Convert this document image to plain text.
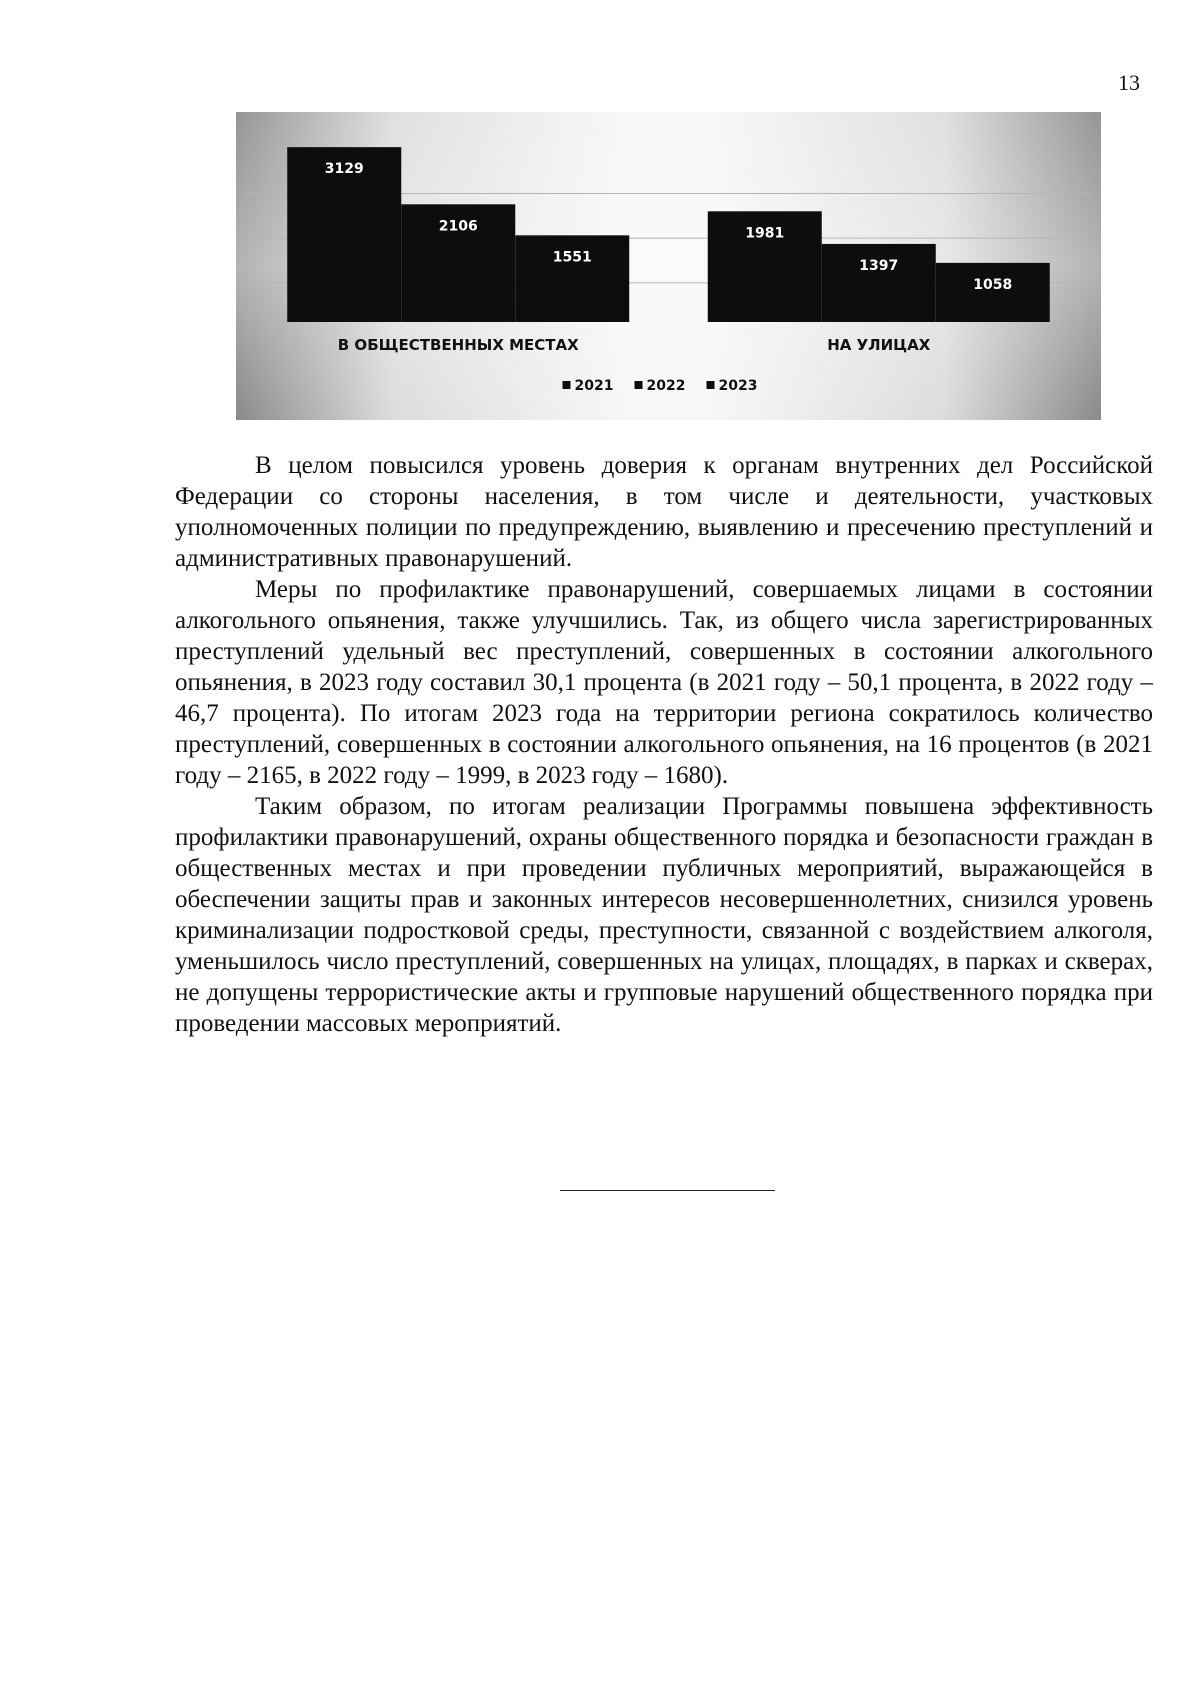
13
3129
2106
1551
1981
1397
1058
В ОБЩЕСТВЕННЫХ МЕСТАХ	НА УЛИЦАХ
2021 2022 2023

В целом повысился уровень доверия к органам внутренних дел Российской Федерации со стороны населения, в том числе и деятельности, участковых уполномоченных полиции по предупреждению, выявлению и пресечению преступлений и административных правонарушений.

Меры по профилактике правонарушений, совершаемых лицами в состоянии алкогольного опьянения, также улучшились. Так, из общего числа зарегистрированных преступлений удельный вес преступлений, совершенных в состоянии алкогольного опьянения, в 2023 году составил 30,1 процента (в 2021 году – 50,1 процента, в 2022 году – 46,7 процента). По итогам 2023 года на территории региона сократилось количество преступлений, совершенных в состоянии алкогольного опьянения, на 16 процентов (в 2021 году – 2165, в 2022 году – 1999, в 2023 году – 1680).

Таким образом, по итогам реализации Программы повышена эффективность профилактики правонарушений, охраны общественного порядка и безопасности граждан в общественных местах и при проведении публичных мероприятий, выражающейся в обеспечении защиты прав и законных интересов несовершеннолетних, снизился уровень криминализации подростковой среды, преступности, связанной с воздействием алкоголя, уменьшилось число преступлений, совершенных на улицах, площадях, в парках и скверах, не допущены террористические акты и групповые нарушений общественного порядка при проведении массовых мероприятий.
